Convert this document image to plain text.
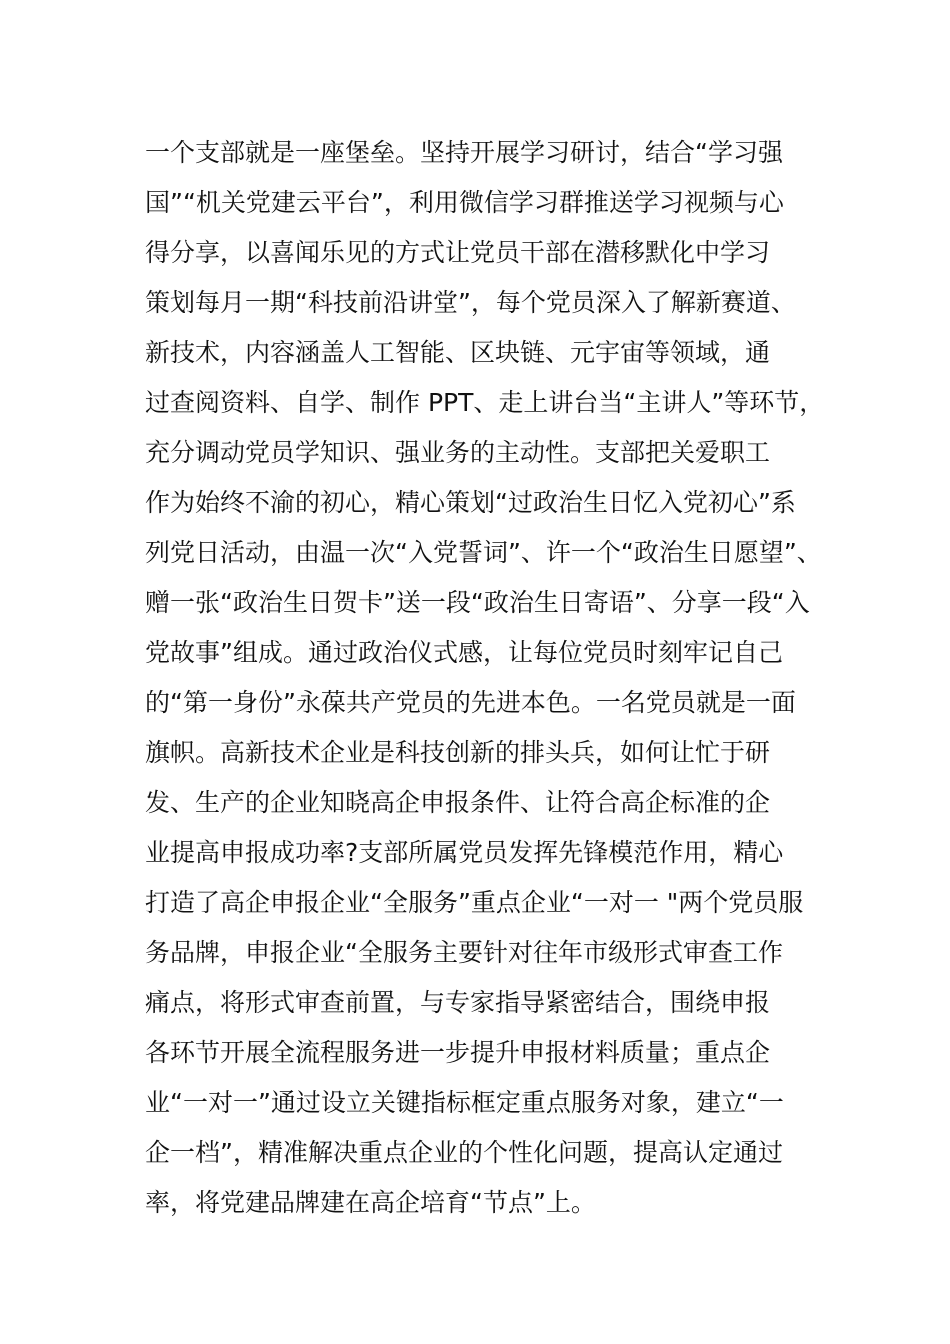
一个支部就是一座堡垒。坚持开展学习研讨，结合“学习强
国”“机关党建云平台”，利用微信学习群推送学习视频与心
得分享，以喜闻乐见的方式让党员干部在潜移默化中学习
策划每月一期“科技前沿讲堂”，每个党员深入了解新赛道、
新技术，内容涵盖人工智能、区块链、元宇宙等领域，通
过查阅资料、自学、制作 PPT、走上讲台当“主讲人”等环节，
充分调动党员学知识、强业务的主动性。支部把关爱职工
作为始终不渝的初心，精心策划“过政治生日忆入党初心”系
列党日活动，由温一次“入党誓词”、许一个“政治生日愿望”、
赠一张“政治生日贺卡”送一段“政治生日寄语”、分享一段“入
党故事”组成。通过政治仪式感，让每位党员时刻牢记自己
的“第一身份”永葆共产党员的先进本色。一名党员就是一面
旗帜。高新技术企业是科技创新的排头兵，如何让忙于研
发、生产的企业知晓高企申报条件、让符合高企标准的企
业提高申报成功率?支部所属党员发挥先锋模范作用，精心
打造了高企申报企业“全服务”重点企业“一对一 "两个党员服
务品牌，申报企业“全服务主要针对往年市级形式审查工作
痛点，将形式审查前置，与专家指导紧密结合，围绕申报
各环节开展全流程服务进一步提升申报材料质量；重点企
业“一对一”通过设立关键指标框定重点服务对象，建立“一
企一档”，精准解决重点企业的个性化问题，提高认定通过
率，将党建品牌建在高企培育“节点”上。
